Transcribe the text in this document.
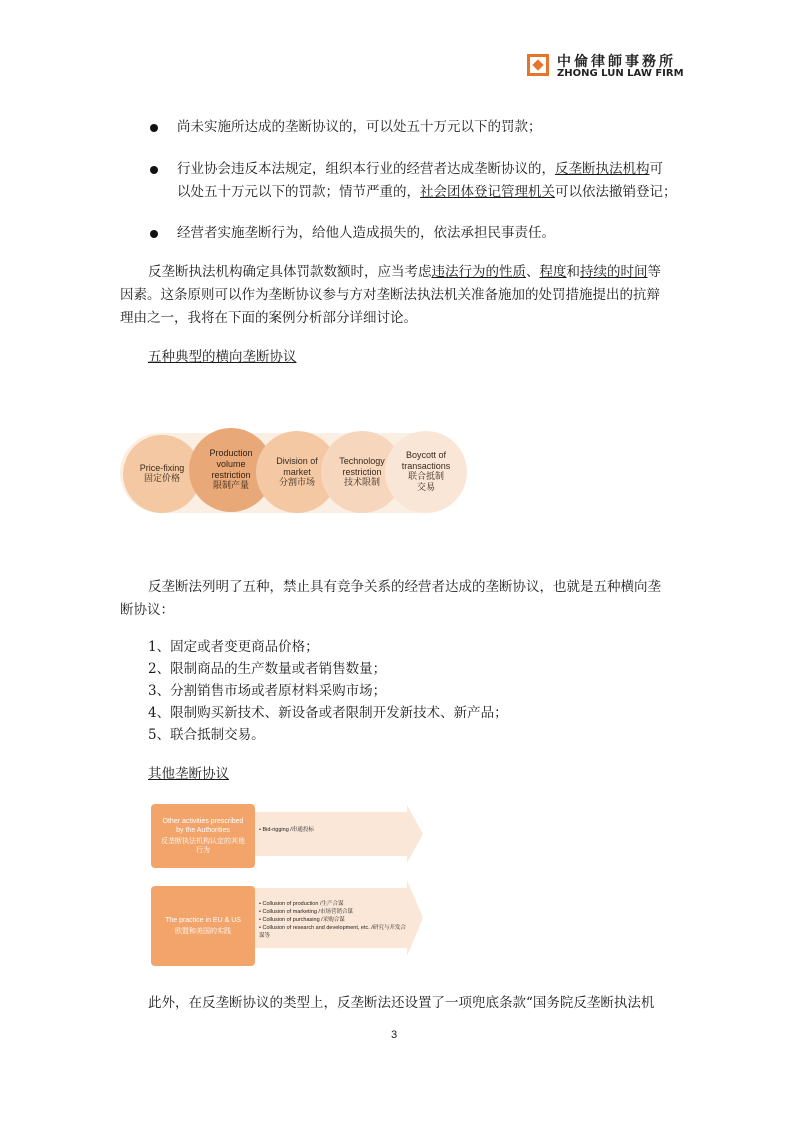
中倫律師事務所
ZHONG LUN LAW FIRM
尚未实施所达成的垄断协议的，可以处五十万元以下的罚款；
行业协会违反本法规定，组织本行业的经营者达成垄断协议的，反垄断执法机构可
以处五十万元以下的罚款；情节严重的，社会团体登记管理机关可以依法撤销登记；
经营者实施垄断行为，给他人造成损失的，依法承担民事责任。
反垄断执法机构确定具体罚款数额时，应当考虑违法行为的性质、程度和持续的时间等
因素。这条原则可以作为垄断协议参与方对垄断法执法机关准备施加的处罚措施提出的抗辩
理由之一，我将在下面的案例分析部分详细讨论。
五种典型的横向垄断协议
Price-fixing
固定价格
Production volume restriction
限制产量
Division of market
分割市场
Technology restriction
技术限制
Boycott of transactions
联合抵制交易
反垄断法列明了五种，禁止具有竞争关系的经营者达成的垄断协议，也就是五种横向垄
断协议：
1、固定或者变更商品价格；
2、限制商品的生产数量或者销售数量；
3、分割销售市场或者原材料采购市场；
4、限制购买新技术、新设备或者限制开发新技术、新产品；
5、联合抵制交易。
其他垄断协议
Other activities prescribed by the Authorities
反垄断执法机构认定的其他行为
The practice in EU & US
欧盟和美国的实践
• Bid-rigging /串通投标
• Collusion of production /生产合谋
• Collusion of marketing /市场营销合谋
• Collusion of purchasing /采购合谋
• Collusion of research and development, etc. /研究与开发合谋等
此外，在反垄断协议的类型上，反垄断法还设置了一项兜底条款“国务院反垄断执法机
3
